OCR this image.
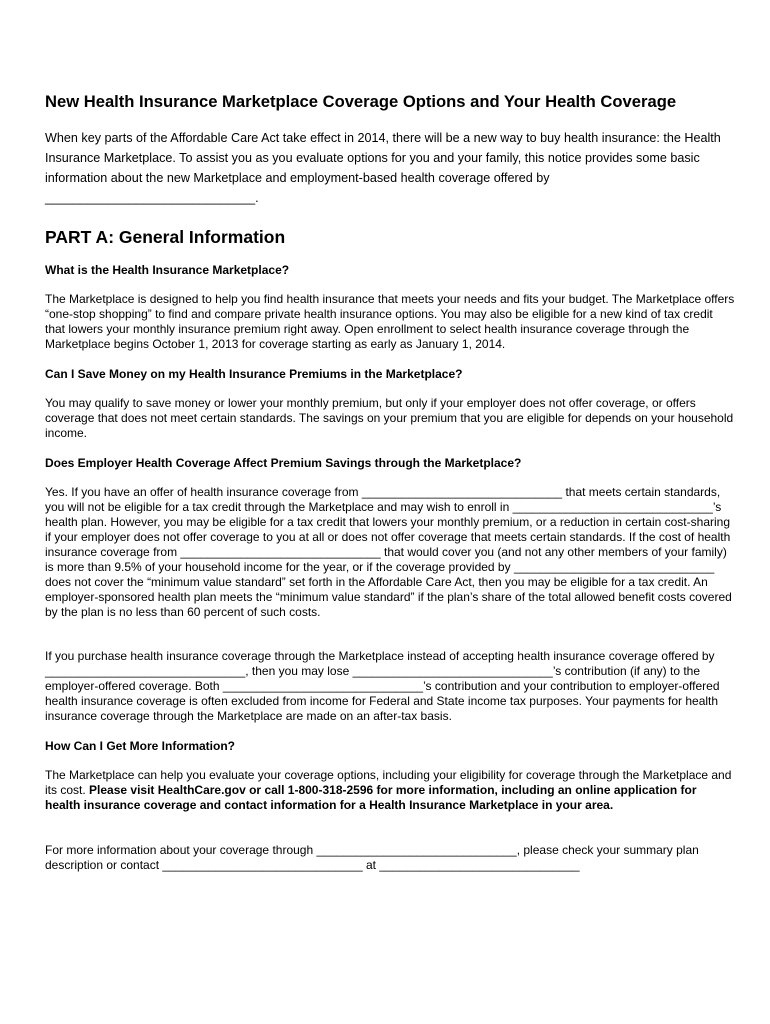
New Health Insurance Marketplace Coverage Options and Your Health Coverage

When key parts of the Affordable Care Act take effect in 2014, there will be a new way to buy health insurance: the Health Insurance Marketplace. To assist you as you evaluate options for you and your family, this notice provides some basic information about the new Marketplace and employment-based health coverage offered by
______________________________.

PART A: General Information
What is the Health Insurance Marketplace?

The Marketplace is designed to help you find health insurance that meets your needs and fits your budget. The Marketplace offers “one-stop shopping” to find and compare private health insurance options. You may also be eligible for a new kind of tax credit that lowers your monthly insurance premium right away. Open enrollment to select health insurance coverage through the Marketplace begins October 1, 2013 for coverage starting as early as January 1, 2014.

Can I Save Money on my Health Insurance Premiums in the Marketplace?

You may qualify to save money or lower your monthly premium, but only if your employer does not offer coverage, or offers coverage that does not meet certain standards. The savings on your premium that you are eligible for depends on your household income.

Does Employer Health Coverage Affect Premium Savings through the Marketplace?

Yes. If you have an offer of health insurance coverage from ______________________________ that meets certain standards, you will not be eligible for a tax credit through the Marketplace and may wish to enroll in ______________________________’s health plan. However, you may be eligible for a tax credit that lowers your monthly premium, or a reduction in certain cost-sharing if your employer does not offer coverage to you at all or does not offer coverage that meets certain standards. If the cost of health insurance coverage from ______________________________ that would cover you (and not any other members of your family) is more than 9.5% of your household income for the year, or if the coverage provided by ______________________________ does not cover the “minimum value standard” set forth in the Affordable Care Act, then you may be eligible for a tax credit. An employer-sponsored health plan meets the “minimum value standard” if the plan’s share of the total allowed benefit costs covered by the plan is no less than 60 percent of such costs.

If you purchase health insurance coverage through the Marketplace instead of accepting health insurance coverage offered by ______________________________, then you may lose ______________________________’s contribution (if any) to the employer-offered coverage. Both ______________________________’s contribution and your contribution to employer-offered health insurance coverage is often excluded from income for Federal and State income tax purposes. Your payments for health insurance coverage through the Marketplace are made on an after-tax basis.

How Can I Get More Information?

The Marketplace can help you evaluate your coverage options, including your eligibility for coverage through the Marketplace and its cost. Please visit HealthCare.gov or call 1-800-318-2596 for more information, including an online application for health insurance coverage and contact information for a Health Insurance Marketplace in your area.

For more information about your coverage through ______________________________, please check your summary plan description or contact ______________________________ at ______________________________
